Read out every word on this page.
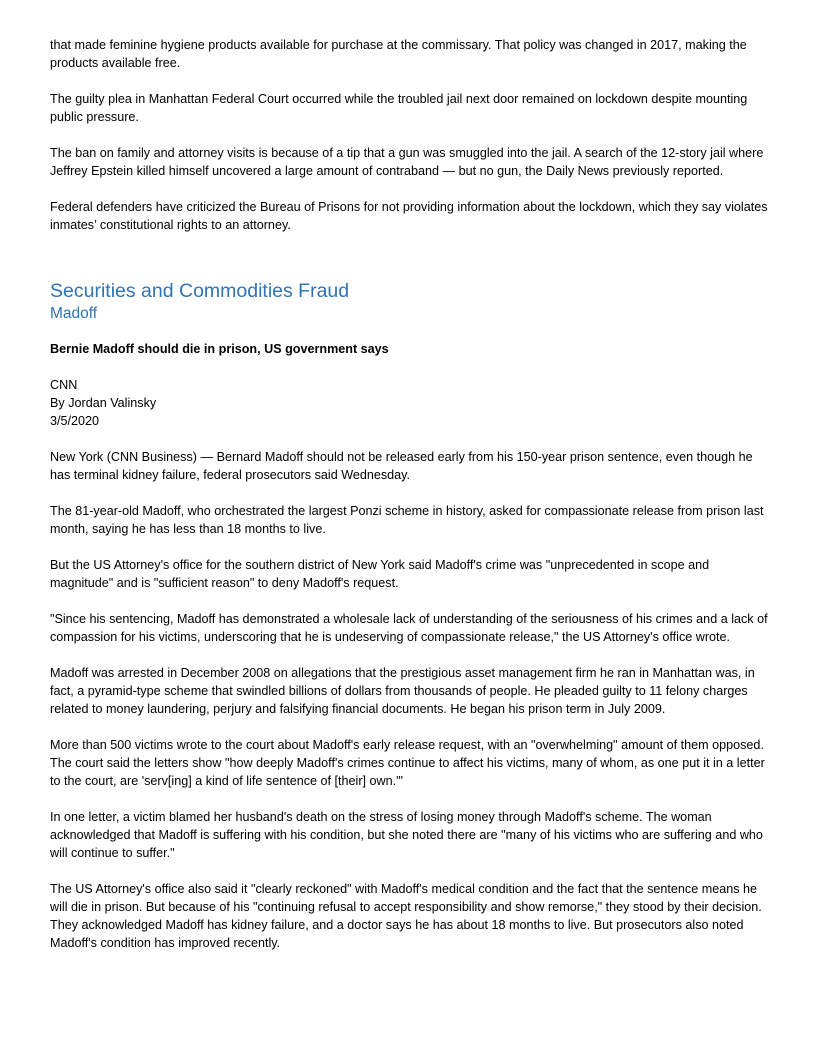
that made feminine hygiene products available for purchase at the commissary. That policy was changed in 2017, making the products available free.

The guilty plea in Manhattan Federal Court occurred while the troubled jail next door remained on lockdown despite mounting public pressure.

The ban on family and attorney visits is because of a tip that a gun was smuggled into the jail. A search of the 12-story jail where Jeffrey Epstein killed himself uncovered a large amount of contraband — but no gun, the Daily News previously reported.

Federal defenders have criticized the Bureau of Prisons for not providing information about the lockdown, which they say violates inmates’ constitutional rights to an attorney.

Securities and Commodities Fraud
Madoff

Bernie Madoff should die in prison, US government says

CNN

By Jordan Valinsky

3/5/2020

New York (CNN Business) — Bernard Madoff should not be released early from his 150-year prison sentence, even though he has terminal kidney failure, federal prosecutors said Wednesday.

The 81-year-old Madoff, who orchestrated the largest Ponzi scheme in history, asked for compassionate release from prison last month, saying he has less than 18 months to live.

But the US Attorney's office for the southern district of New York said Madoff's crime was "unprecedented in scope and magnitude" and is "sufficient reason" to deny Madoff's request.

"Since his sentencing, Madoff has demonstrated a wholesale lack of understanding of the seriousness of his crimes and a lack of compassion for his victims, underscoring that he is undeserving of compassionate release," the US Attorney's office wrote.

Madoff was arrested in December 2008 on allegations that the prestigious asset management firm he ran in Manhattan was, in fact, a pyramid-type scheme that swindled billions of dollars from thousands of people. He pleaded guilty to 11 felony charges related to money laundering, perjury and falsifying financial documents. He began his prison term in July 2009.

More than 500 victims wrote to the court about Madoff's early release request, with an "overwhelming" amount of them opposed. The court said the letters show "how deeply Madoff's crimes continue to affect his victims, many of whom, as one put it in a letter to the court, are 'serv[ing] a kind of life sentence of [their] own.'"

In one letter, a victim blamed her husband's death on the stress of losing money through Madoff's scheme. The woman acknowledged that Madoff is suffering with his condition, but she noted there are "many of his victims who are suffering and who will continue to suffer."

The US Attorney's office also said it "clearly reckoned" with Madoff's medical condition and the fact that the sentence means he will die in prison. But because of his "continuing refusal to accept responsibility and show remorse," they stood by their decision. They acknowledged Madoff has kidney failure, and a doctor says he has about 18 months to live. But prosecutors also noted Madoff's condition has improved recently.
